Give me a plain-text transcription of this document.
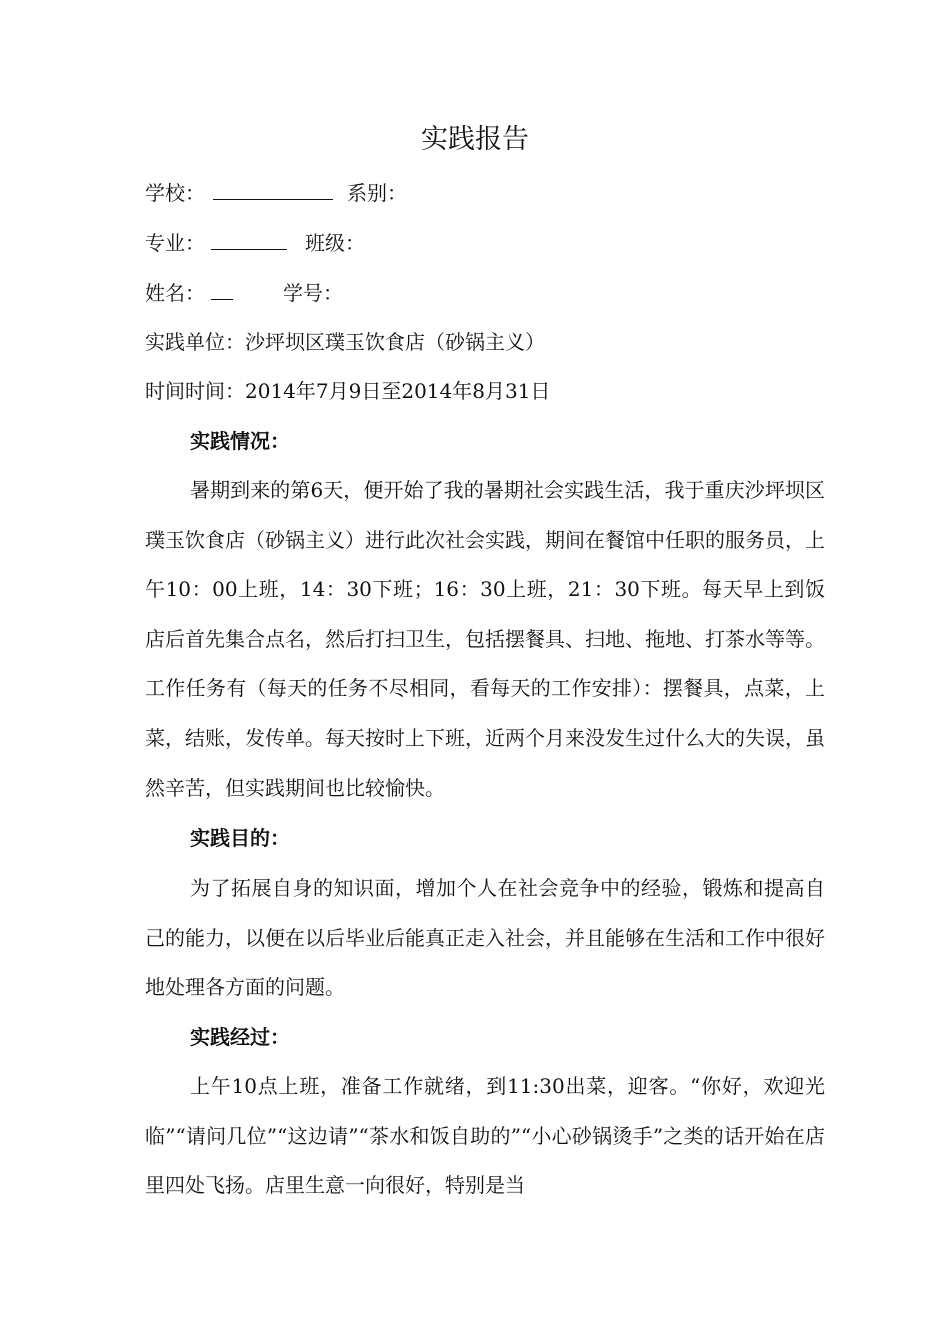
实践报告
学校：	系别：
专业：	班级：
姓名：	学号：
实践单位：沙坪坝区璞玉饮食店（砂锅主义）
时间时间：2014年7月9日至2014年8月31日
实践情况：

暑期到来的第6天，便开始了我的暑期社会实践生活，我于重庆沙坪坝区璞玉饮食店（砂锅主义）进行此次社会实践，期间在餐馆中任职的服务员，上午10：00上班，14：30下班；16：30上班，21：30下班。每天早上到饭店后首先集合点名，然后打扫卫生，包括摆餐具、扫地、拖地、打茶水等等。工作任务有（每天的任务不尽相同，看每天的工作安排）：摆餐具，点菜，上菜，结账，发传单。每天按时上下班，近两个月来没发生过什么大的失误，虽然辛苦，但实践期间也比较愉快。

实践目的：

为了拓展自身的知识面，增加个人在社会竞争中的经验，锻炼和提高自己的能力，以便在以后毕业后能真正走入社会，并且能够在生活和工作中很好地处理各方面的问题。

实践经过：

上午10点上班，准备工作就绪，到11:30出菜，迎客。“你好，欢迎光临”“请问几位”“这边请”“茶水和饭自助的”“小心砂锅烫手”之类的话开始在店里四处飞扬。店里生意一向很好，特别是当
